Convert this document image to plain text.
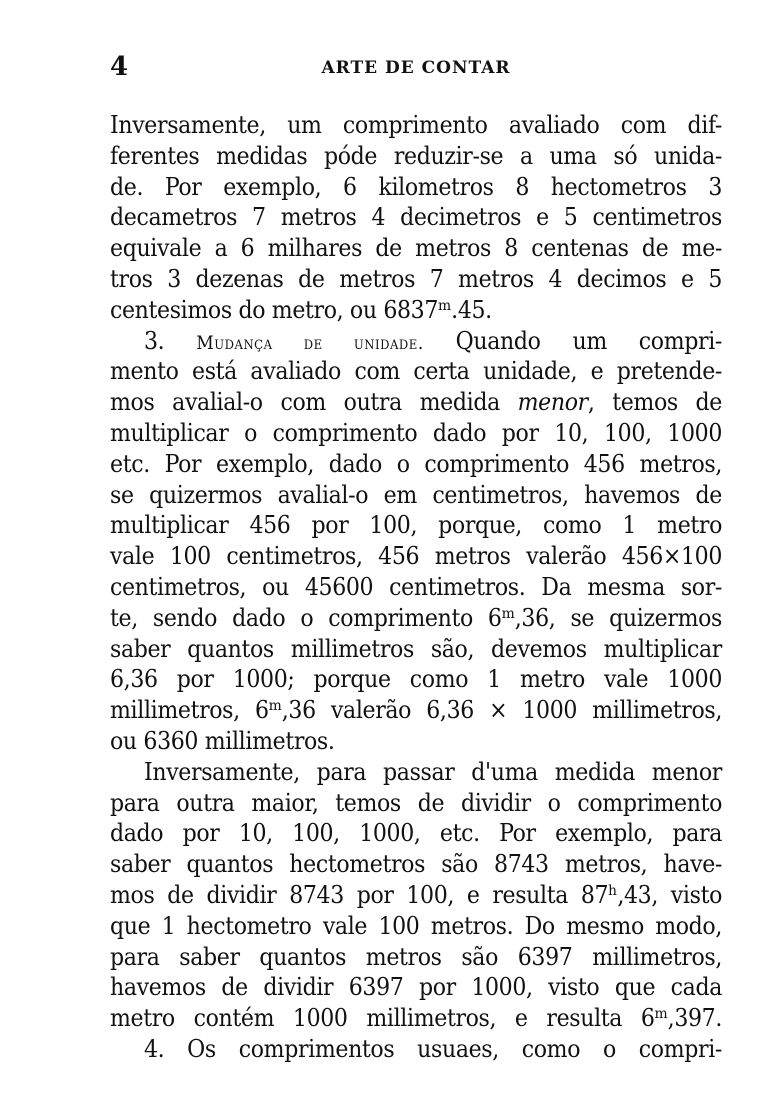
4	ARTE DE CONTAR
Inversamente, um comprimento avaliado com dif-
ferentes medidas póde reduzir-se a uma só unida-
de. Por exemplo, 6 kilometros 8 hectometros 3
decametros 7 metros 4 decimetros e 5 centimetros
equivale a 6 milhares de metros 8 centenas de me-
tros 3 dezenas de metros 7 metros 4 decimos e 5
centesimos do metro, ou 6837ᵐ.45.
3. Mudança de unidade. Quando um compri-
mento está avaliado com certa unidade, e pretende-
mos avalial-o com outra medida menor, temos de
multiplicar o comprimento dado por 10, 100, 1000
etc. Por exemplo, dado o comprimento 456 metros,
se quizermos avalial-o em centimetros, havemos de
multiplicar 456 por 100, porque, como 1 metro
vale 100 centimetros, 456 metros valerão 456×100
centimetros, ou 45600 centimetros. Da mesma sor-
te, sendo dado o comprimento 6ᵐ,36, se quizermos
saber quantos millimetros são, devemos multiplicar
6,36 por 1000; porque como 1 metro vale 1000
millimetros, 6ᵐ,36 valerão 6,36 × 1000 millimetros,
ou 6360 millimetros.
Inversamente, para passar d'uma medida menor
para outra maior, temos de dividir o comprimento
dado por 10, 100, 1000, etc. Por exemplo, para
saber quantos hectometros são 8743 metros, have-
mos de dividir 8743 por 100, e resulta 87ʰ,43, visto
que 1 hectometro vale 100 metros. Do mesmo modo,
para saber quantos metros são 6397 millimetros,
havemos de dividir 6397 por 1000, visto que cada
metro contém 1000 millimetros, e resulta 6ᵐ,397.
4. Os comprimentos usuaes, como o compri-
